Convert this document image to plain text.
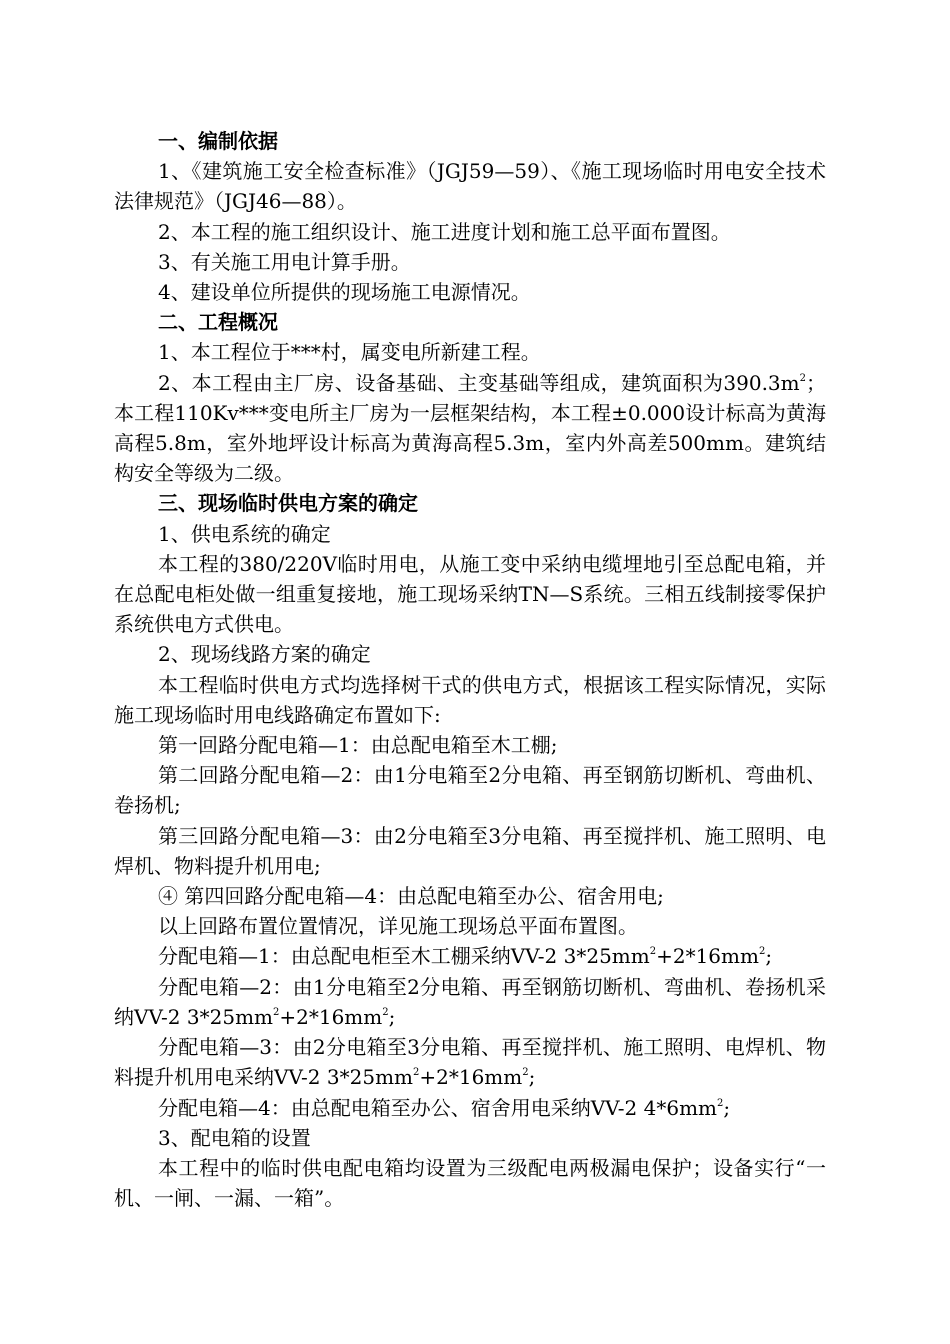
一、编制依据

1、《建筑施工安全检查标准》（JGJ59—59）、《施工现场临时用电安全技术法律规范》（JGJ46—88）。

2、本工程的施工组织设计、施工进度计划和施工总平面布置图。

3、有关施工用电计算手册。

4、建设单位所提供的现场施工电源情况。

二、工程概况

1、本工程位于***村，属变电所新建工程。

2、本工程由主厂房、设备基础、主变基础等组成，建筑面积为$390.3m^2$；本工程110Kv***变电所主厂房为一层框架结构，本工程±0.000设计标高为黄海高程5.8m，室外地坪设计标高为黄海高程5.3m，室内外高差500mm。建筑结构安全等级为二级。

三、现场临时供电方案的确定

1、供电系统的确定

本工程的380/220V临时用电，从施工变中采纳电缆埋地引至总配电箱，并在总配电柜处做一组重复接地，施工现场采纳TN—S系统。三相五线制接零保护系统供电方式供电。

2、现场线路方案的确定

本工程临时供电方式均选择树干式的供电方式，根据该工程实际情况，实际施工现场临时用电线路确定布置如下:

第一回路分配电箱—1：由总配电箱至木工棚;

第二回路分配电箱—2：由1分电箱至2分电箱、再至钢筋切断机、弯曲机、卷扬机;

第三回路分配电箱—3：由2分电箱至3分电箱、再至搅拌机、施工照明、电焊机、物料提升机用电;

④ 第四回路分配电箱—4：由总配电箱至办公、宿舍用电;

以上回路布置位置情况，详见施工现场总平面布置图。

分配电箱—1：由总配电柜至木工棚采纳VV-2 $3*25mm^2+2*16mm^2$;

分配电箱—2：由1分电箱至2分电箱、再至钢筋切断机、弯曲机、卷扬机采纳VV-2 $3*25mm^2+2*16mm^2$;

分配电箱—3：由2分电箱至3分电箱、再至搅拌机、施工照明、电焊机、物料提升机用电采纳VV-2 $3*25mm^2+2*16mm^2$;

分配电箱—4：由总配电箱至办公、宿舍用电采纳VV-2 $4*6mm^2$;

3、配电箱的设置

本工程中的临时供电配电箱均设置为三级配电两极漏电保护；设备实行“一机、一闸、一漏、一箱”。
